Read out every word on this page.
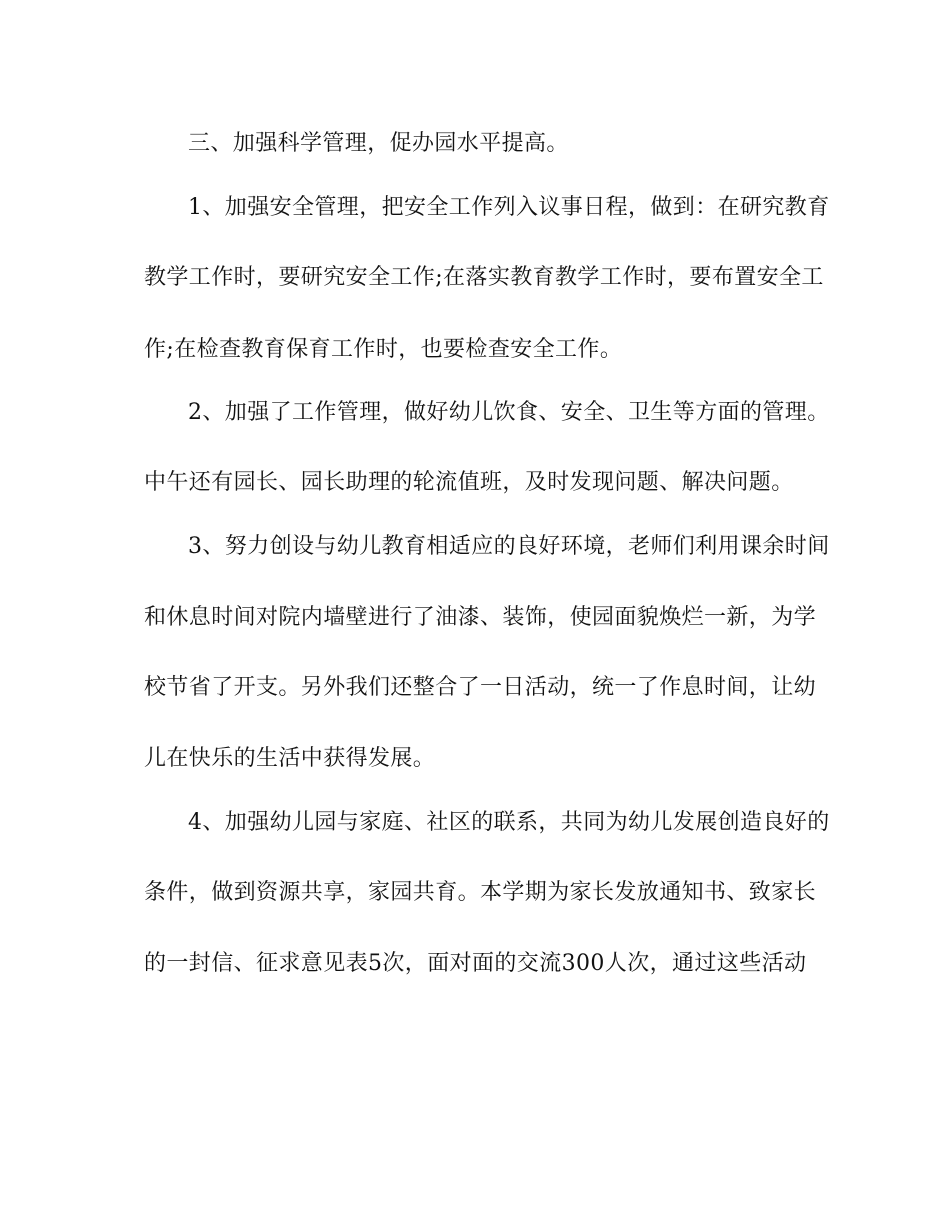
三、加强科学管理，促办园水平提高。
1、加强安全管理，把安全工作列入议事日程，做到：在研究教育
教学工作时，要研究安全工作;在落实教育教学工作时，要布置安全工
作;在检查教育保育工作时，也要检查安全工作。
2、加强了工作管理，做好幼儿饮食、安全、卫生等方面的管理。
中午还有园长、园长助理的轮流值班，及时发现问题、解决问题。
3、努力创设与幼儿教育相适应的良好环境，老师们利用课余时间
和休息时间对院内墙壁进行了油漆、装饰，使园面貌焕烂一新，为学
校节省了开支。另外我们还整合了一日活动，统一了作息时间，让幼
儿在快乐的生活中获得发展。
4、加强幼儿园与家庭、社区的联系，共同为幼儿发展创造良好的
条件，做到资源共享，家园共育。本学期为家长发放通知书、致家长
的一封信、征求意见表5次，面对面的交流300人次，通过这些活动
